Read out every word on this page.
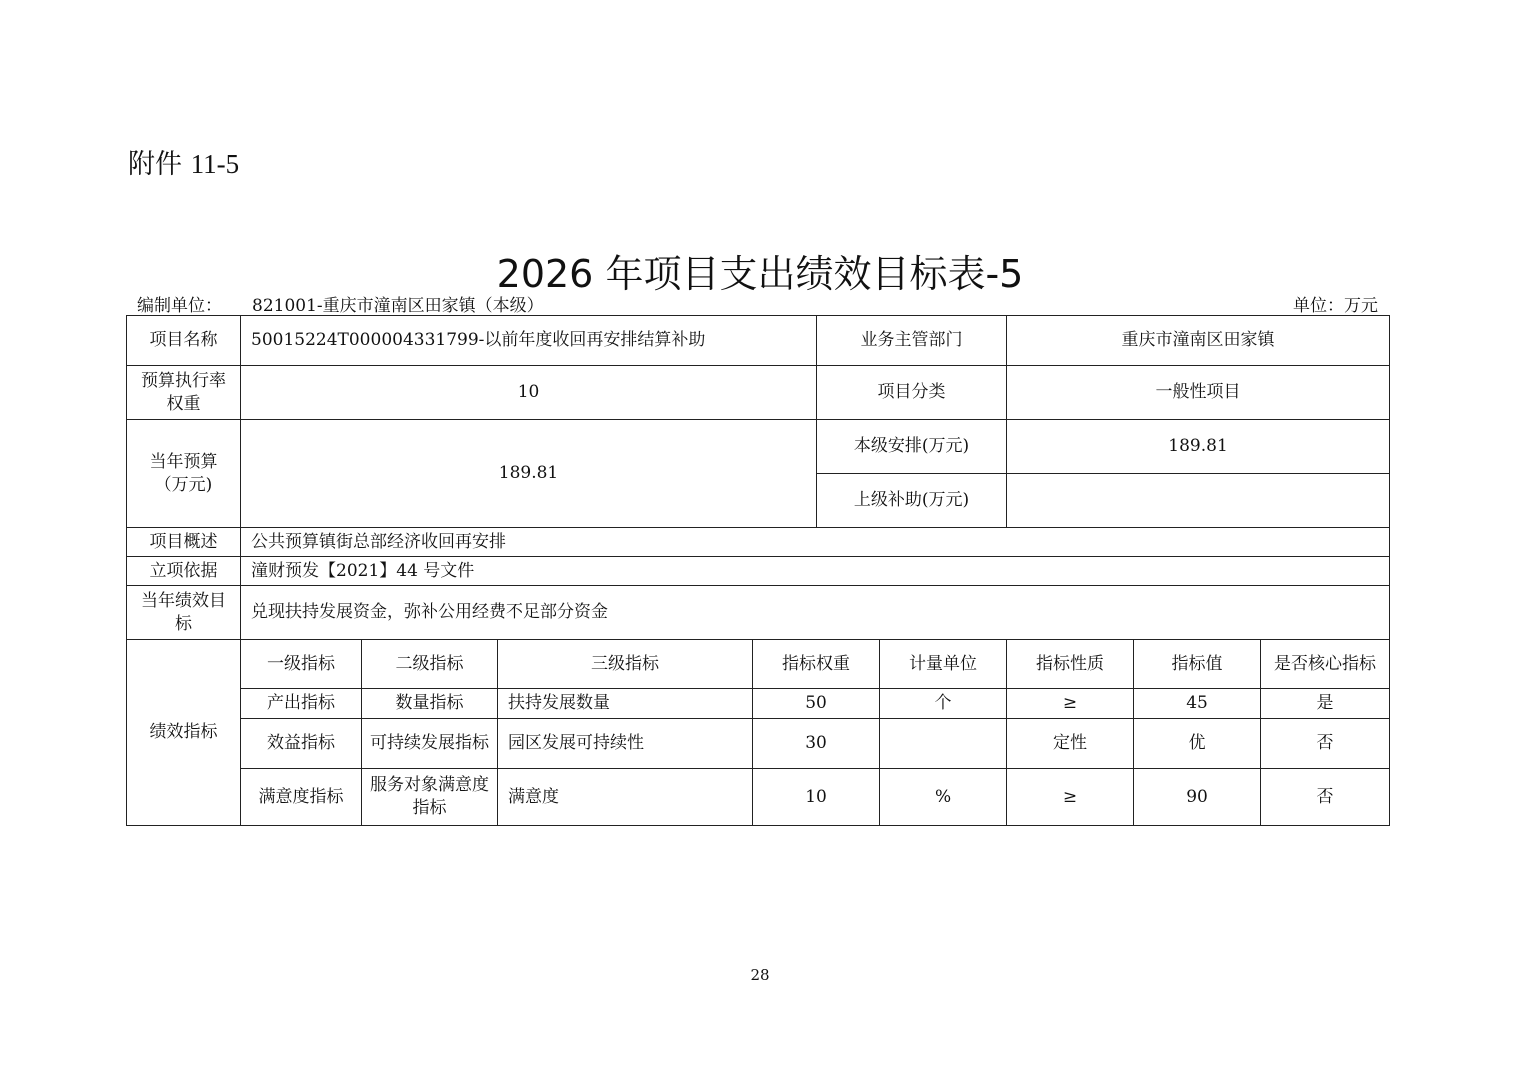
附件 11-5
2026 年项目支出绩效目标表-5
编制单位： 821001-重庆市潼南区田家镇（本级）	单位：万元
项目名称	50015224T000004331799-以前年度收回再安排结算补助				业务主管部门		重庆市潼南区田家镇		
预算执行率权重	10				项目分类		一般性项目		
当年预算（万元)	189.81				本级安排(万元)		189.81		
					上级补助(万元)				
项目概述	公共预算镇街总部经济收回再安排								
立项依据	潼财预发【2021】44 号文件								
当年绩效目标	兑现扶持发展资金，弥补公用经费不足部分资金								
绩效指标	一级指标	二级指标	三级指标	指标权重		计量单位	指标性质	指标值	是否核心指标
	产出指标	数量指标	扶持发展数量	50		个	≥	45	是
	效益指标	可持续发展指标	园区发展可持续性	30			定性	优	否
	满意度指标	服务对象满意度指标	满意度	10		%	≥	90	否
28
